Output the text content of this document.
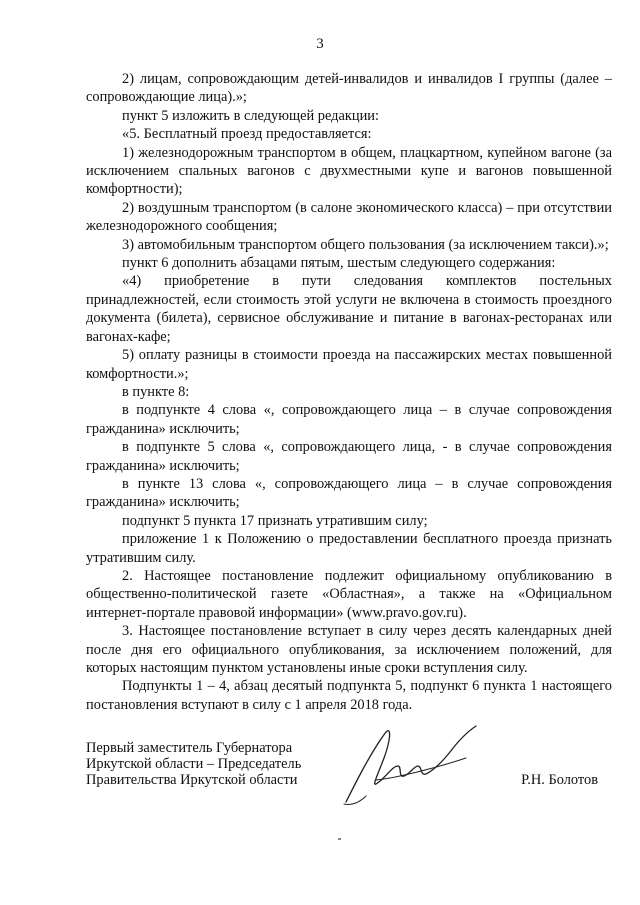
3

2) лицам, сопровождающим детей-инвалидов и инвалидов I группы (далее – сопровождающие лица).»;

пункт 5 изложить в следующей редакции:

«5. Бесплатный проезд предоставляется:

1) железнодорожным транспортом в общем, плацкартном, купейном вагоне (за исключением спальных вагонов с двухместными купе и вагонов повышенной комфортности);

2) воздушным транспортом (в салоне экономического класса) – при отсутствии железнодорожного сообщения;

3) автомобильным транспортом общего пользования (за исключением такси).»;

пункт 6 дополнить абзацами пятым, шестым следующего содержания:

«4) приобретение в пути следования комплектов постельных принадлежностей, если стоимость этой услуги не включена в стоимость проездного документа (билета), сервисное обслуживание и питание в вагонах-ресторанах или вагонах-кафе;

5) оплату разницы в стоимости проезда на пассажирских местах повышенной комфортности.»;

в пункте 8:

в подпункте 4 слова «, сопровождающего лица – в случае сопровождения гражданина» исключить;

в подпункте 5 слова «, сопровождающего лица, - в случае сопровождения гражданина» исключить;

в пункте 13 слова «, сопровождающего лица – в случае сопровождения гражданина» исключить;

подпункт 5 пункта 17 признать утратившим силу;

приложение 1 к Положению о предоставлении бесплатного проезда признать утратившим силу.

2. Настоящее постановление подлежит официальному опубликованию в общественно-политической газете «Областная», а также на «Официальном интернет-портале правовой информации» (www.pravo.gov.ru).

3. Настоящее постановление вступает в силу через десять календарных дней после дня его официального опубликования, за исключением положений, для которых настоящим пунктом установлены иные сроки вступления силу.

Подпункты 1 – 4, абзац десятый подпункта 5, подпункт 6 пункта 1 настоящего постановления вступают в силу с 1 апреля 2018 года.

Первый заместитель Губернатора
Иркутской области – Председатель
Правительства Иркутской области	Р.Н. Болотов
